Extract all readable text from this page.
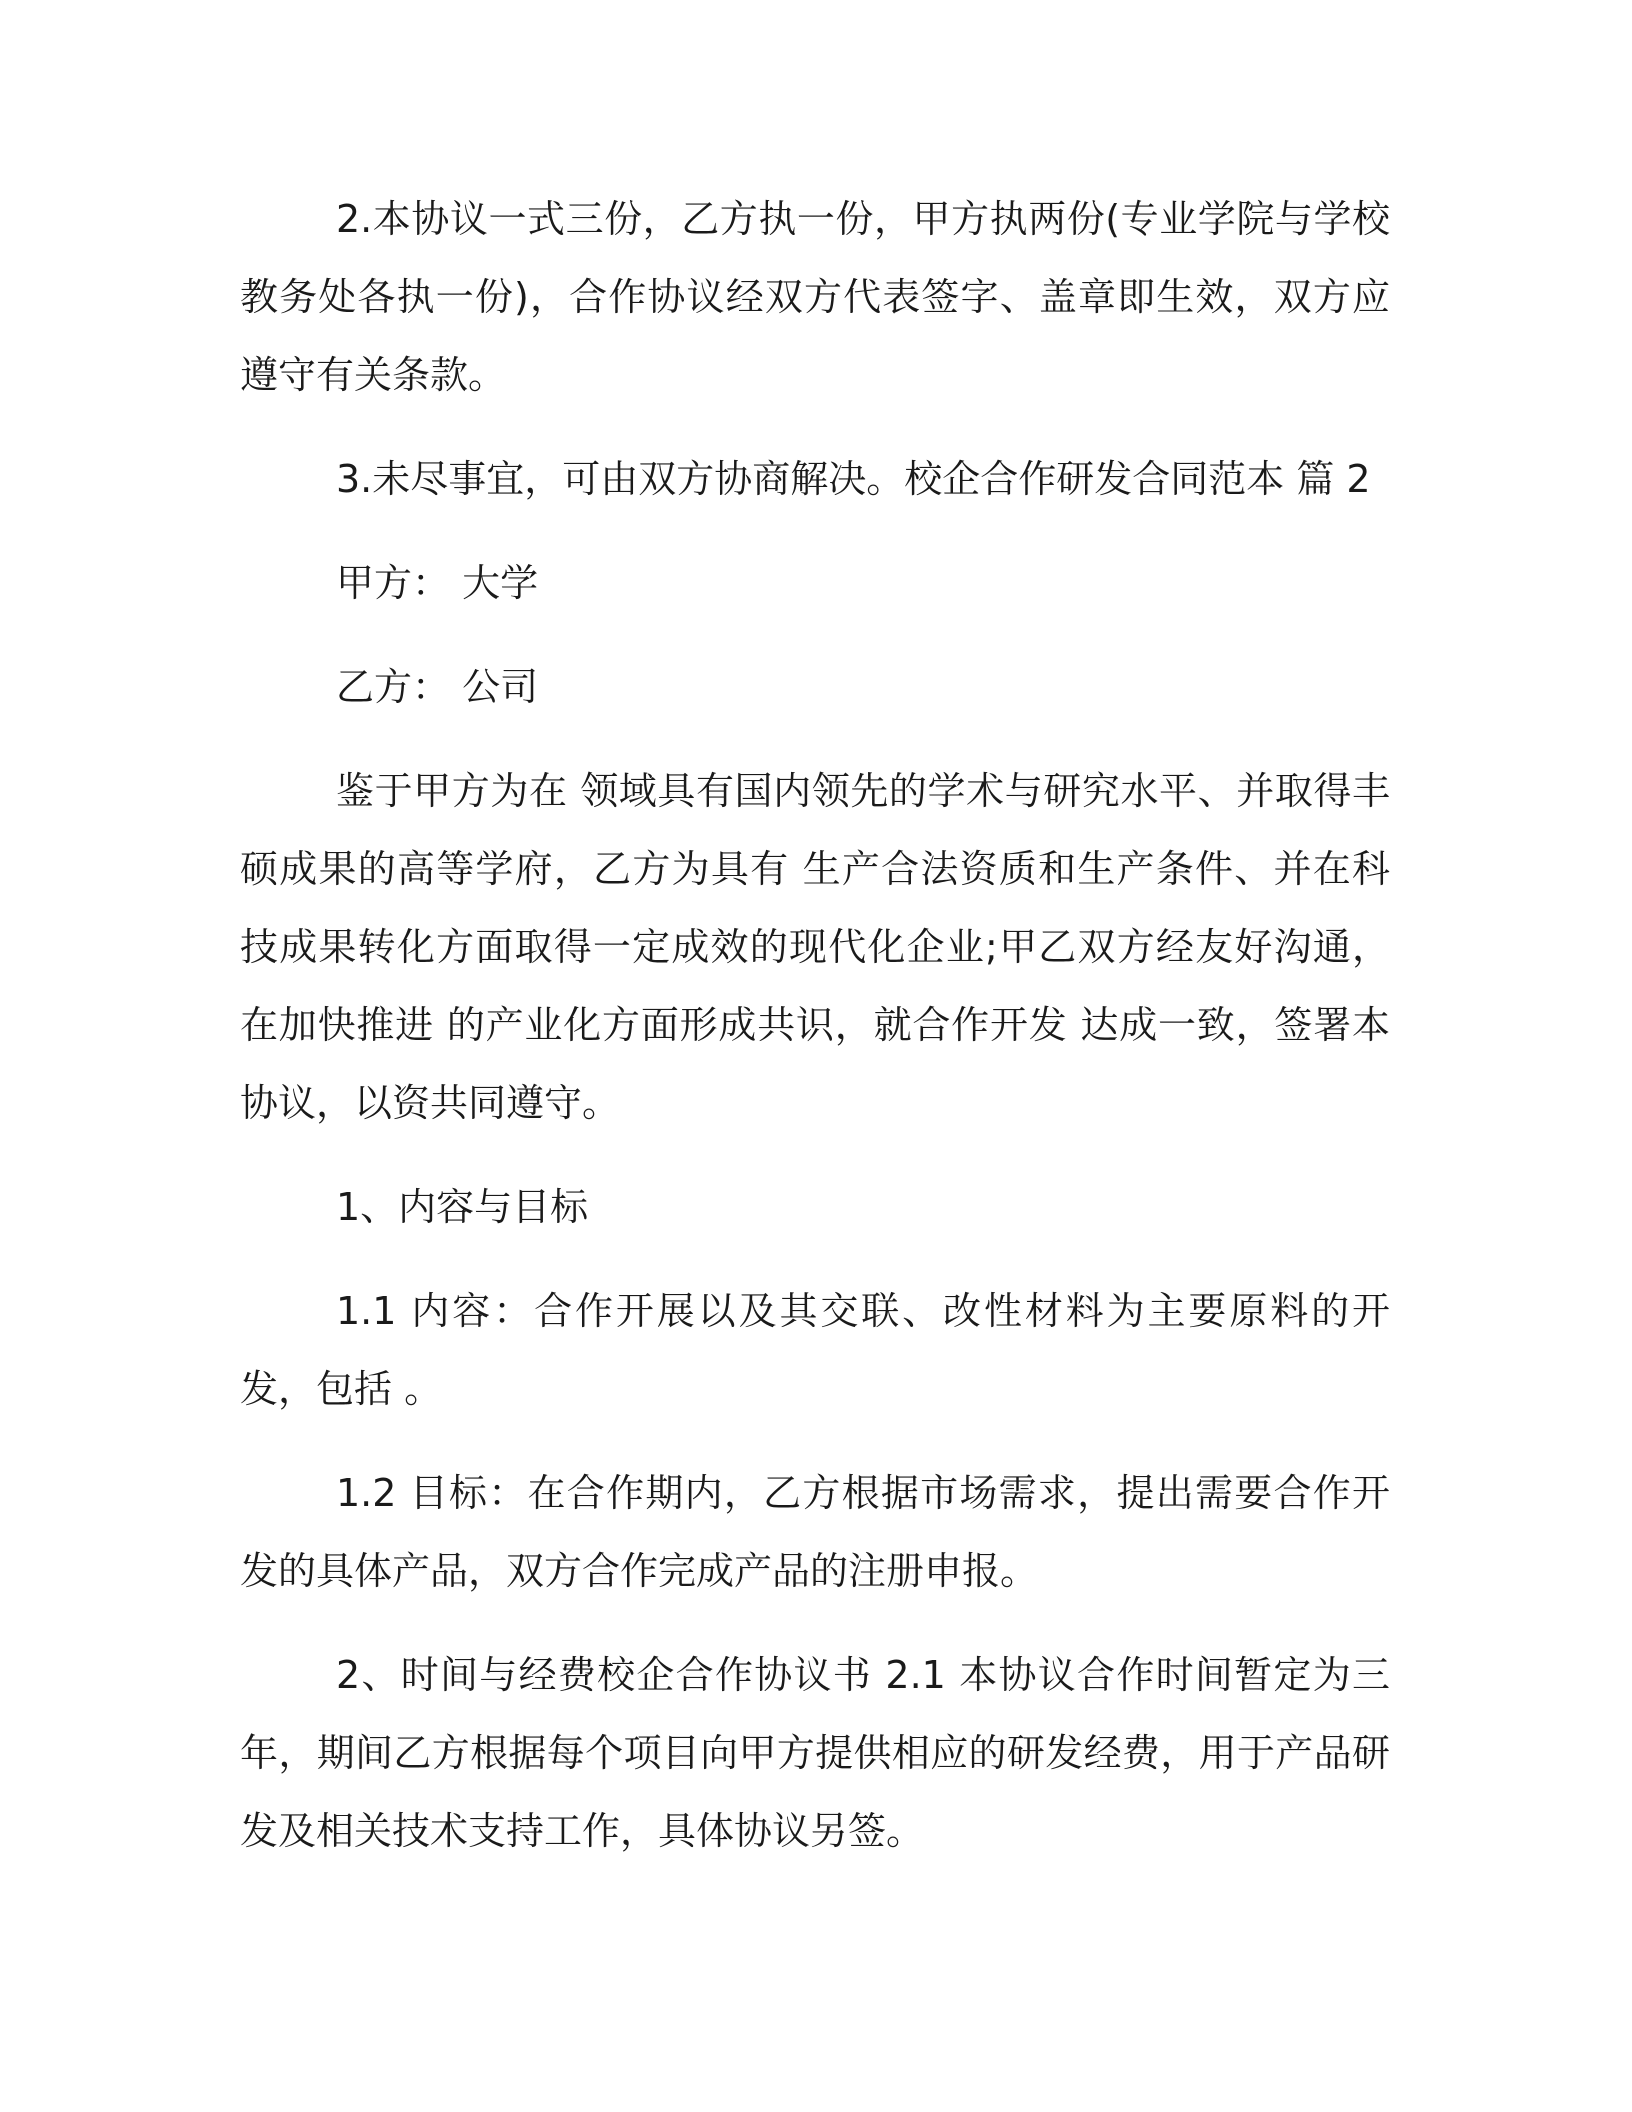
2.本协议一式三份，乙方执一份，甲方执两份(专业学院与学校教务处各执一份)，合作协议经双方代表签字、盖章即生效，双方应遵守有关条款。

3.未尽事宜，可由双方协商解决。校企合作研发合同范本 篇 2

甲方： 大学

乙方： 公司

鉴于甲方为在 领域具有国内领先的学术与研究水平、并取得丰硕成果的高等学府，乙方为具有 生产合法资质和生产条件、并在科技成果转化方面取得一定成效的现代化企业;甲乙双方经友好沟通，在加快推进 的产业化方面形成共识，就合作开发 达成一致，签署本协议，以资共同遵守。

1、内容与目标

1.1 内容：合作开展以及其交联、改性材料为主要原料的开发，包括 。

1.2 目标：在合作期内，乙方根据市场需求，提出需要合作开发的具体产品，双方合作完成产品的注册申报。

2、时间与经费校企合作协议书 2.1 本协议合作时间暂定为三年，期间乙方根据每个项目向甲方提供相应的研发经费，用于产品研发及相关技术支持工作，具体协议另签。
